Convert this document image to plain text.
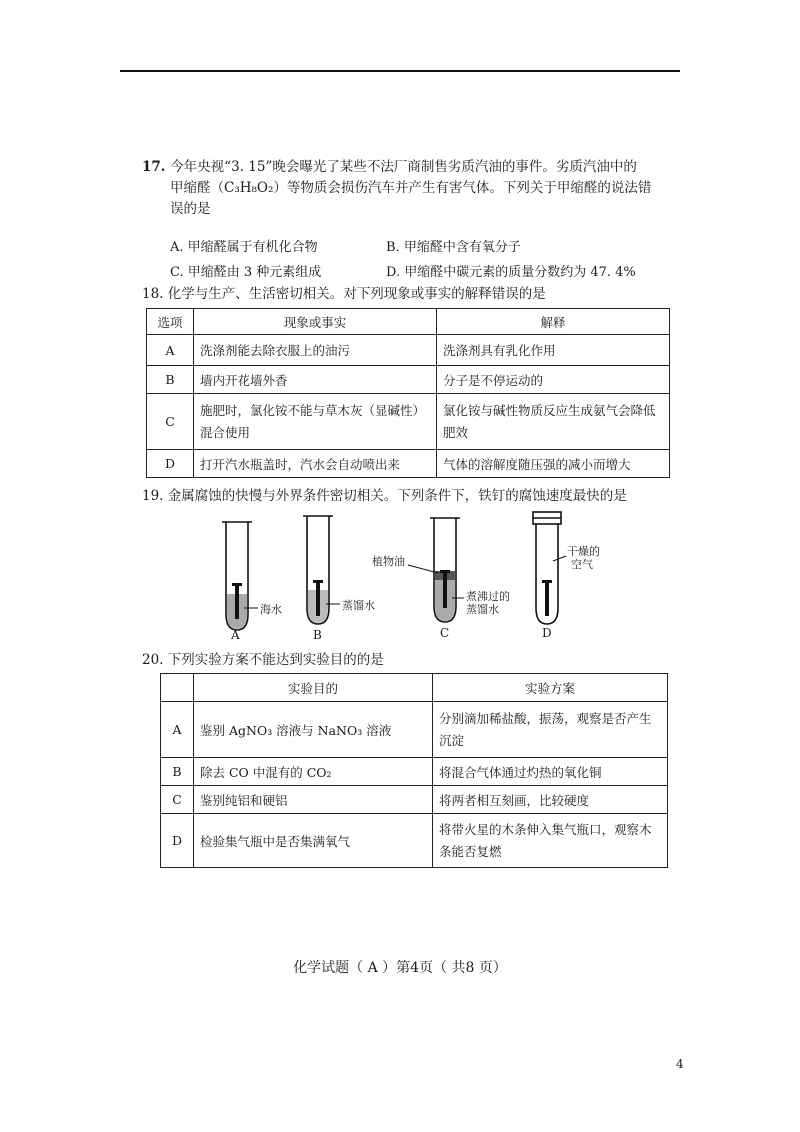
17. 今年央视“3. 15”晚会曝光了某些不法厂商制售劣质汽油的事件。劣质汽油中的
甲缩醛（C₃H₈O₂）等物质会损伤汽车并产生有害气体。下列关于甲缩醛的说法错
误的是
A. 甲缩醛属于有机化合物	B. 甲缩醛中含有氧分子
C. 甲缩醛由 3 种元素组成	D. 甲缩醛中碳元素的质量分数约为 47. 4%
18. 化学与生产、生活密切相关。对下列现象或事实的解释错误的是
选项	现象或事实	解释
A	洗涤剂能去除衣服上的油污	洗涤剂具有乳化作用
B	墙内开花墙外香	分子是不停运动的
C	施肥时，氯化铵不能与草木灰（显碱性）混合使用	氯化铵与碱性物质反应生成氨气会降低肥效
D	打开汽水瓶盖时，汽水会自动喷出来	气体的溶解度随压强的减小而增大
19. 金属腐蚀的快慢与外界条件密切相关。下列条件下，铁钉的腐蚀速度最快的是
海水	蒸馏水
植物油
煮沸过的
蒸馏水
干燥的
空气
A	B	C	D
20. 下列实验方案不能达到实验目的的是
	实验目的	实验方案
A	鉴别 AgNO₃ 溶液与 NaNO₃ 溶液	分别滴加稀盐酸，振荡，观察是否产生沉淀
B	除去 CO 中混有的 CO₂	将混合气体通过灼热的氧化铜
C	鉴别纯铝和硬铝	将两者相互刻画，比较硬度
D	检验集气瓶中是否集满氧气	将带火星的木条伸入集气瓶口，观察木条能否复燃
化学试题（ A ）第4页（ 共8 页）
4
